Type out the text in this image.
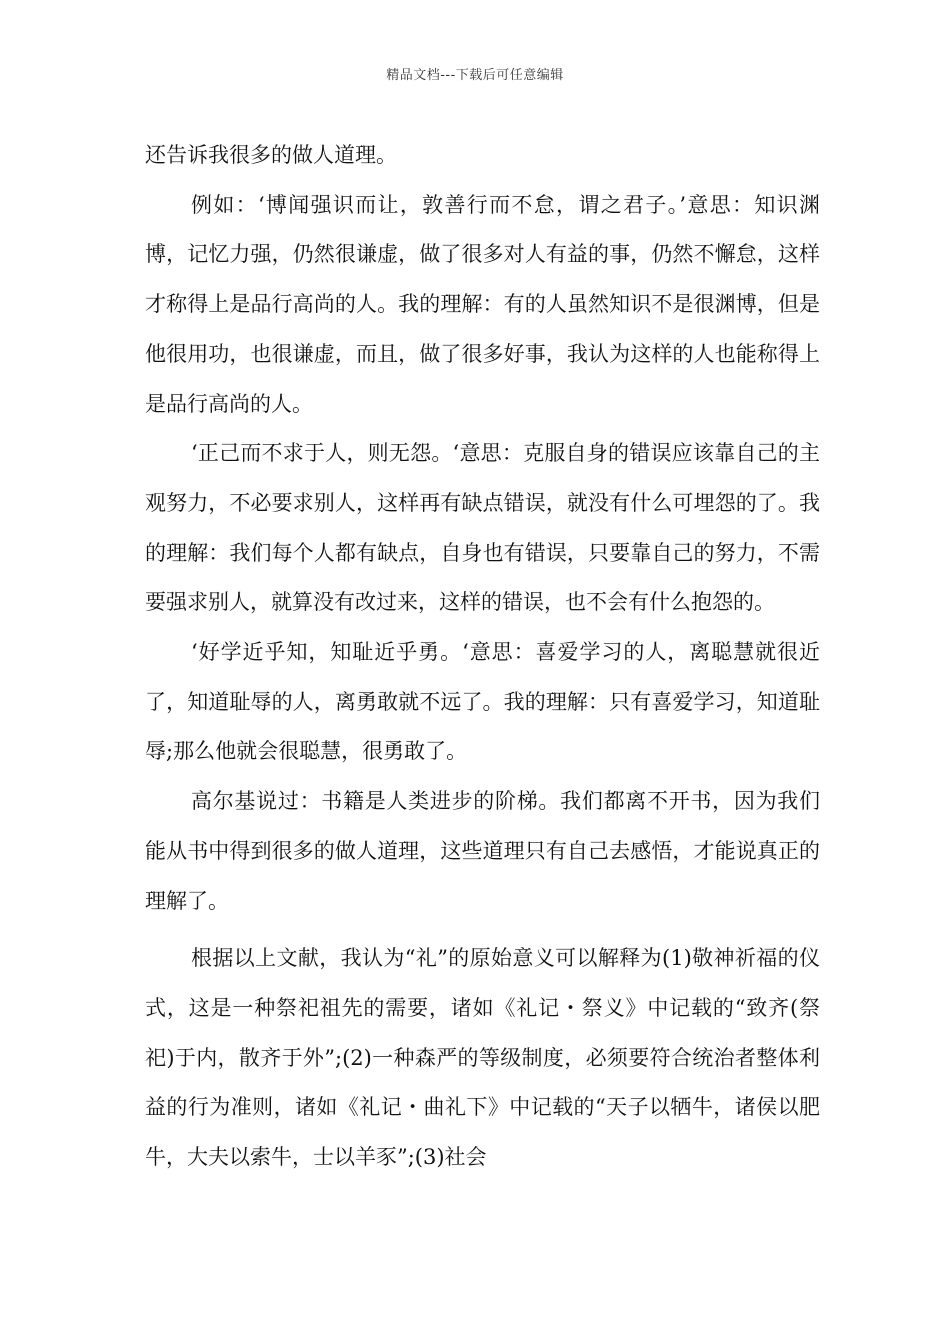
精品文档---下载后可任意编辑

还告诉我很多的做人道理。

例如：‘博闻强识而让，敦善行而不怠，谓之君子。’意思：知识渊博，记忆力强，仍然很谦虚，做了很多对人有益的事，仍然不懈怠，这样才称得上是品行高尚的人。我的理解：有的人虽然知识不是很渊博，但是他很用功，也很谦虚，而且，做了很多好事，我认为这样的人也能称得上是品行高尚的人。

‘正己而不求于人，则无怨。‘意思：克服自身的错误应该靠自己的主观努力，不必要求别人，这样再有缺点错误，就没有什么可埋怨的了。我的理解：我们每个人都有缺点，自身也有错误，只要靠自己的努力，不需要强求别人，就算没有改过来，这样的错误，也不会有什么抱怨的。

‘好学近乎知，知耻近乎勇。‘意思：喜爱学习的人，离聪慧就很近了，知道耻辱的人，离勇敢就不远了。我的理解：只有喜爱学习，知道耻辱;那么他就会很聪慧，很勇敢了。

高尔基说过：书籍是人类进步的阶梯。我们都离不开书，因为我们能从书中得到很多的做人道理，这些道理只有自己去感悟，才能说真正的理解了。

根据以上文献，我认为“礼”的原始意义可以解释为(1)敬神祈福的仪式，这是一种祭祀祖先的需要，诸如《礼记・祭义》中记载的“致齐(祭祀)于内，散齐于外”;(2)一种森严的等级制度，必须要符合统治者整体利益的行为准则，诸如《礼记・曲礼下》中记载的“天子以牺牛，诸侯以肥牛，大夫以索牛，士以羊豕”;(3)社会
